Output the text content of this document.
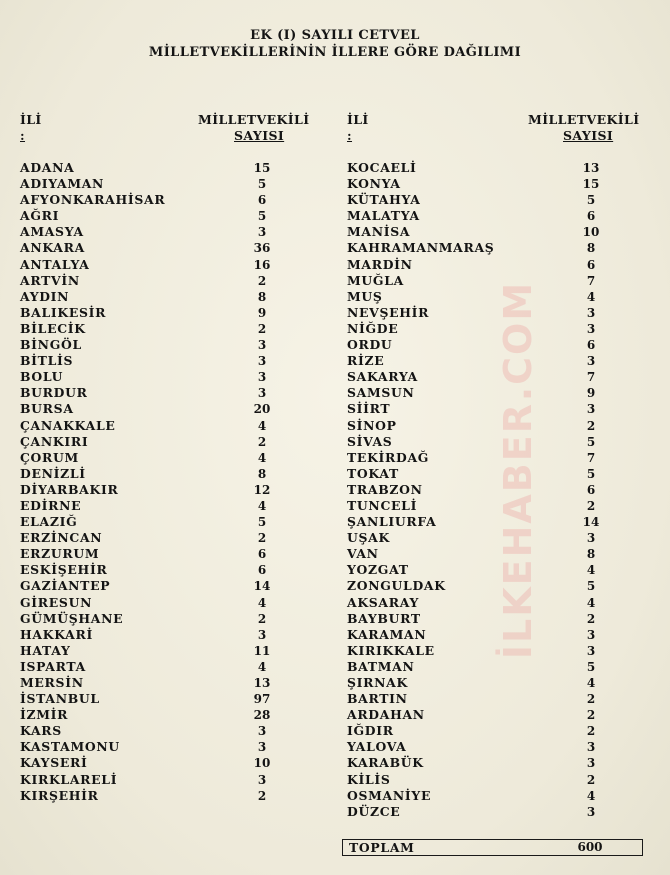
EK (I) SAYILI CETVEL
MİLLETVEKİLLERİNİN İLLERE GÖRE DAĞILIMI
İLİ
:
MİLLETVEKİLİ
SAYISI
İLİ
:
MİLLETVEKİLİ
SAYISI
ADANA	15
ADIYAMAN	5
AFYONKARAHİSAR	6
AĞRI	5
AMASYA	3
ANKARA	36
ANTALYA	16
ARTVİN	2
AYDIN	8
BALIKESİR	9
BİLECİK	2
BİNGÖL	3
BİTLİS	3
BOLU	3
BURDUR	3
BURSA	20
ÇANAKKALE	4
ÇANKIRI	2
ÇORUM	4
DENİZLİ	8
DİYARBAKIR	12
EDİRNE	4
ELAZIĞ	5
ERZİNCAN	2
ERZURUM	6
ESKİŞEHİR	6
GAZİANTEP	14
GİRESUN	4
GÜMÜŞHANE	2
HAKKARİ	3
HATAY	11
ISPARTA	4
MERSİN	13
İSTANBUL	97
İZMİR	28
KARS	3
KASTAMONU	3
KAYSERİ	10
KIRKLARELİ	3
KIRŞEHİR	2
KOCAELİ	13
KONYA	15
KÜTAHYA	5
MALATYA	6
MANİSA	10
KAHRAMANMARAŞ	8
MARDİN	6
MUĞLA	7
MUŞ	4
NEVŞEHİR	3
NİĞDE	3
ORDU	6
RİZE	3
SAKARYA	7
SAMSUN	9
SİİRT	3
SİNOP	2
SİVAS	5
TEKİRDAĞ	7
TOKAT	5
TRABZON	6
TUNCELİ	2
ŞANLIURFA	14
UŞAK	3
VAN	8
YOZGAT	4
ZONGULDAK	5
AKSARAY	4
BAYBURT	2
KARAMAN	3
KIRIKKALE	3
BATMAN	5
ŞIRNAK	4
BARTIN	2
ARDAHAN	2
IĞDIR	2
YALOVA	3
KARABÜK	3
KİLİS	2
OSMANİYE	4
DÜZCE	3
TOPLAM	600
İLKEHABER.COM
